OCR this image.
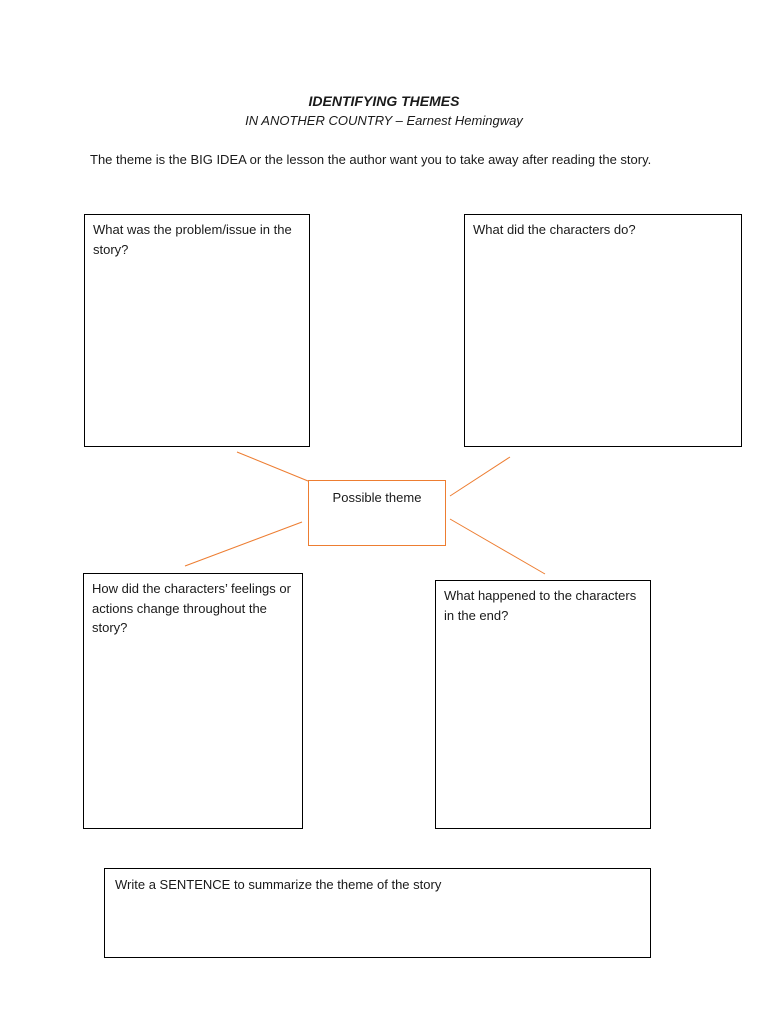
IDENTIFYING THEMES
IN ANOTHER COUNTRY – Earnest Hemingway
The theme is the BIG IDEA or the lesson the author want you to take away after reading the story.
What was the problem/issue in the story?
What did the characters do?
Possible theme
How did the characters’ feelings or actions change throughout the story?
What happened to the characters in the end?
Write a SENTENCE to summarize the theme of the story
